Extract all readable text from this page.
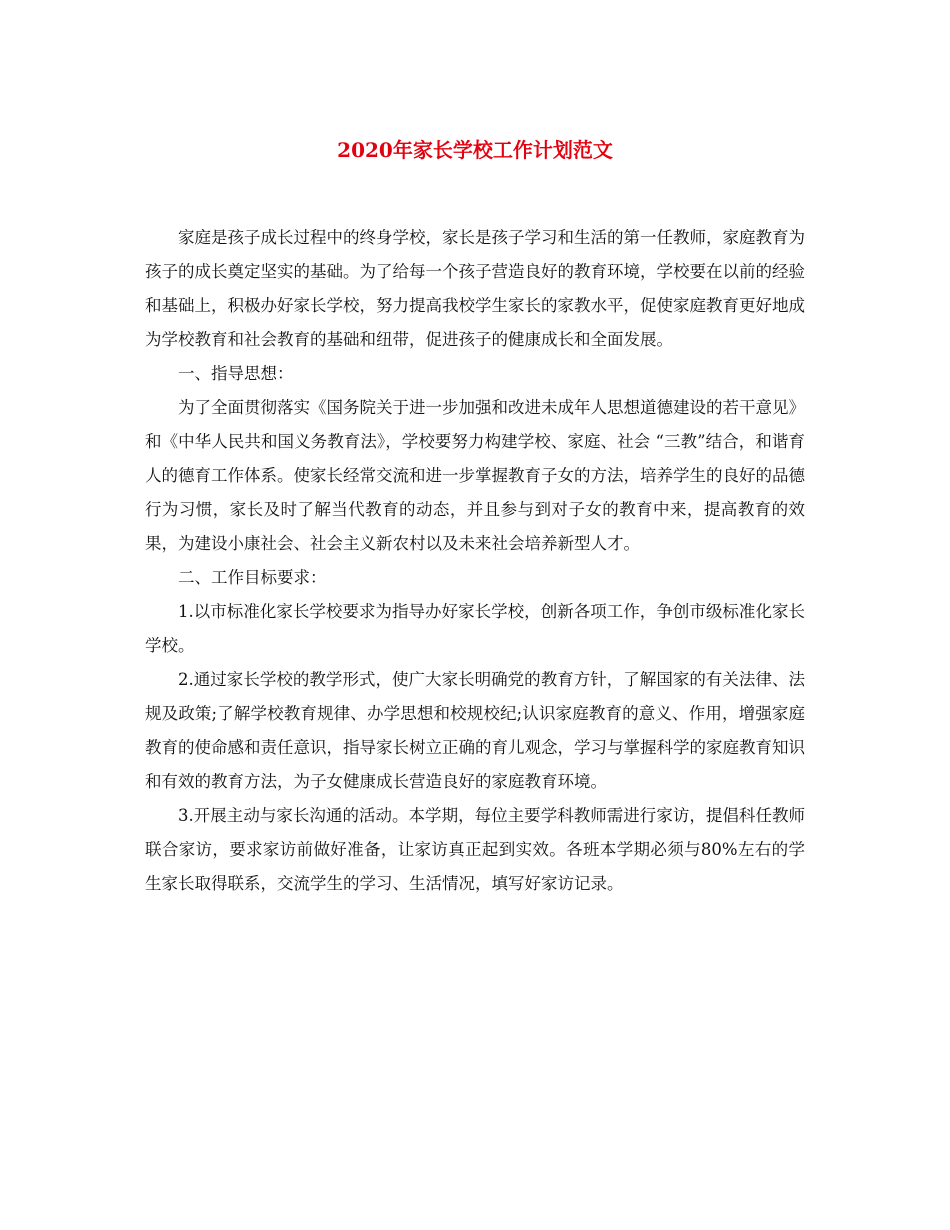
2020年家长学校工作计划范文

家庭是孩子成长过程中的终身学校，家长是孩子学习和生活的第一任教师，家庭教育为孩子的成长奠定坚实的基础。为了给每一个孩子营造良好的教育环境，学校要在以前的经验和基础上，积极办好家长学校，努力提高我校学生家长的家教水平，促使家庭教育更好地成为学校教育和社会教育的基础和纽带，促进孩子的健康成长和全面发展。

一、指导思想：

为了全面贯彻落实《国务院关于进一步加强和改进未成年人思想道德建设的若干意见》和《中华人民共和国义务教育法》，学校要努力构建学校、家庭、社会 “三教”结合，和谐育人的德育工作体系。使家长经常交流和进一步掌握教育子女的方法，培养学生的良好的品德行为习惯，家长及时了解当代教育的动态，并且参与到对子女的教育中来，提高教育的效果，为建设小康社会、社会主义新农村以及未来社会培养新型人才。

二、工作目标要求：

1.以市标准化家长学校要求为指导办好家长学校，创新各项工作，争创市级标准化家长学校。

2.通过家长学校的教学形式，使广大家长明确党的教育方针，了解国家的有关法律、法规及政策;了解学校教育规律、办学思想和校规校纪;认识家庭教育的意义、作用，增强家庭教育的使命感和责任意识，指导家长树立正确的育儿观念，学习与掌握科学的家庭教育知识和有效的教育方法，为子女健康成长营造良好的家庭教育环境。

3.开展主动与家长沟通的活动。本学期，每位主要学科教师需进行家访，提倡科任教师联合家访，要求家访前做好准备，让家访真正起到实效。各班本学期必须与80%左右的学生家长取得联系，交流学生的学习、生活情况，填写好家访记录。
